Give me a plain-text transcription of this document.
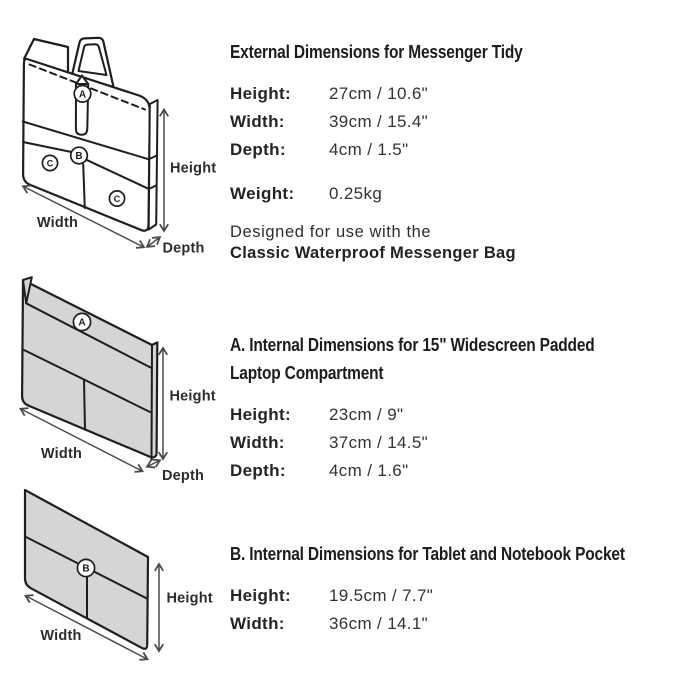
A
B
C
C
Height
Width
Depth
A
Height
Width
Depth
B
Height
Width
External Dimensions for Messenger Tidy
Height:	27cm / 10.6"
Width:	39cm / 15.4"
Depth:	4cm / 1.5"
Weight:	0.25kg

Designed for use with the
Classic Waterproof Messenger Bag

A. Internal Dimensions for 15" Widescreen Padded
Laptop Compartment
Height:	23cm / 9"
Width:	37cm / 14.5"
Depth:	4cm / 1.6"
B. Internal Dimensions for Tablet and Notebook Pocket
Height:	19.5cm / 7.7"
Width:	36cm / 14.1"
